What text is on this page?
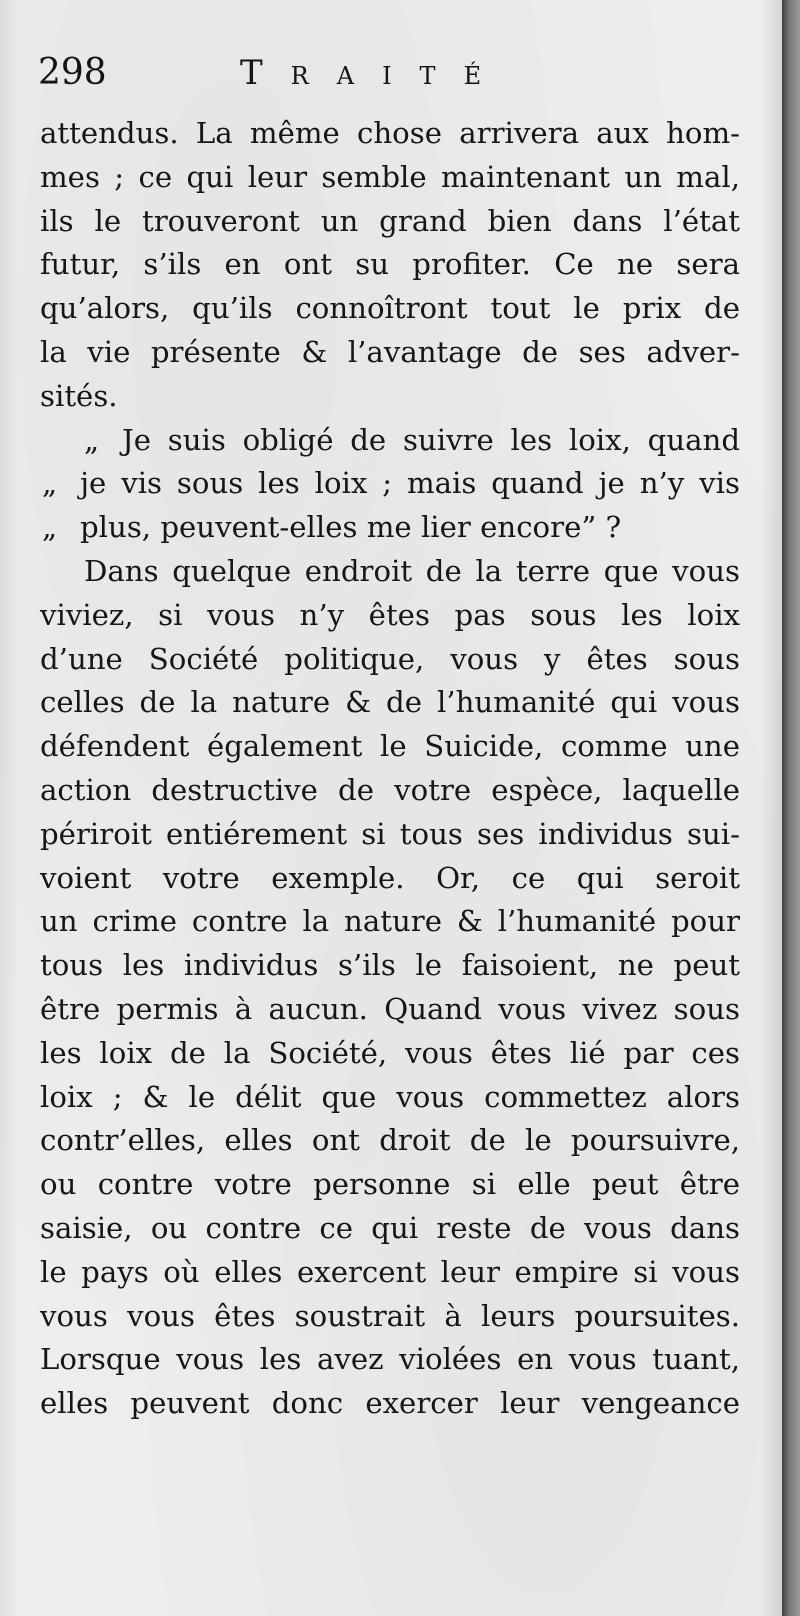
298	Traité
attendus. La même chose arrivera aux hom-
mes ; ce qui leur semble maintenant un mal,
ils le trouveront un grand bien dans l’état
futur, s’ils en ont su profiter. Ce ne sera
qu’alors, qu’ils connoîtront tout le prix de
la vie présente & l’avantage de ses adver-
sités.
„ Je suis obligé de suivre les loix, quand
„ je vis sous les loix ; mais quand je n’y vis
„ plus, peuvent-elles me lier encore” ?
Dans quelque endroit de la terre que vous
viviez, si vous n’y êtes pas sous les loix
d’une Société politique, vous y êtes sous
celles de la nature & de l’humanité qui vous
défendent également le Suicide, comme une
action destructive de votre espèce, laquelle
périroit entiérement si tous ses individus sui-
voient votre exemple. Or, ce qui seroit
un crime contre la nature & l’humanité pour
tous les individus s’ils le faisoient, ne peut
être permis à aucun. Quand vous vivez sous
les loix de la Société, vous êtes lié par ces
loix ; & le délit que vous commettez alors
contr’elles, elles ont droit de le poursuivre,
ou contre votre personne si elle peut être
saisie, ou contre ce qui reste de vous dans
le pays où elles exercent leur empire si vous
vous vous êtes soustrait à leurs poursuites.
Lorsque vous les avez violées en vous tuant,
elles peuvent donc exercer leur vengeance
